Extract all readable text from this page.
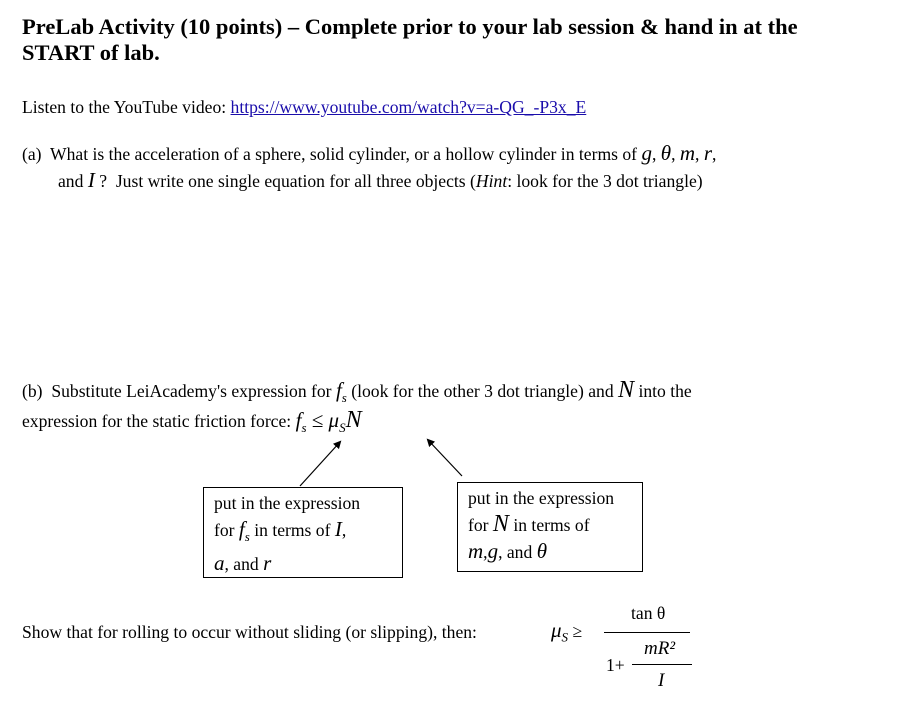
PreLab Activity (10 points) – Complete prior to your lab session & hand in at the
START of lab.
Listen to the YouTube video: https://www.youtube.com/watch?v=a-QG_-P3x_E
(a) What is the acceleration of a sphere, solid cylinder, or a hollow cylinder in terms of g, θ, m, r,
and I ? Just write one single equation for all three objects (Hint: look for the 3 dot triangle)
(b) Substitute LeiAcademy's expression for $f_s$ (look for the other 3 dot triangle) and N into the
expression for the static friction force: $f_s \le \mu_SN$
put in the expression
for $f_s$ in terms of I,
a, and r
put in the expression
for N in terms of
m,g, and θ
Show that for rolling to occur without sliding (or slipping), then:	$\mu_S$ ≥
tan θ
1+
mR²
I
